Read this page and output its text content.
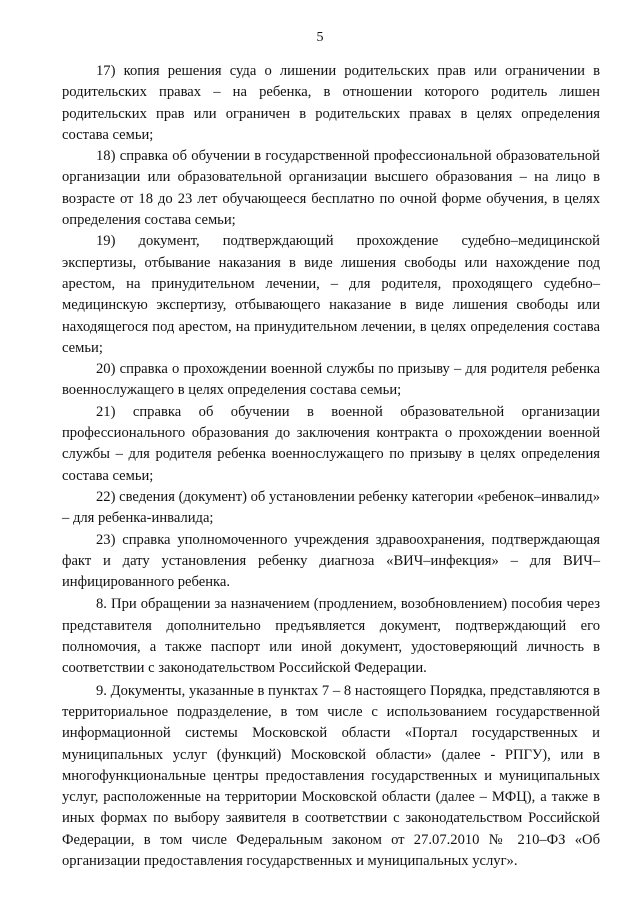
5

17) копия решения суда о лишении родительских прав или ограничении в родительских правах – на ребенка, в отношении которого родитель лишен родительских прав или ограничен в родительских правах в целях определения состава семьи;

18) справка об обучении в государственной профессиональной образовательной организации или образовательной организации высшего образования – на лицо в возрасте от 18 до 23 лет обучающееся бесплатно по очной форме обучения, в целях определения состава семьи;

19) документ, подтверждающий прохождение судебно–медицинской экспертизы, отбывание наказания в виде лишения свободы или нахождение под арестом, на принудительном лечении, – для родителя, проходящего судебно–медицинскую экспертизу, отбывающего наказание в виде лишения свободы или находящегося под арестом, на принудительном лечении, в целях определения состава семьи;

20) справка о прохождении военной службы по призыву – для родителя ребенка военнослужащего в целях определения состава семьи;

21) справка об обучении в военной образовательной организации профессионального образования до заключения контракта о прохождении военной службы – для родителя ребенка военнослужащего по призыву в целях определения состава семьи;

22) сведения (документ) об установлении ребенку категории «ребенок–инвалид» – для ребенка-инвалида;

23) справка уполномоченного учреждения здравоохранения, подтверждающая факт и дату установления ребенку диагноза «ВИЧ–инфекция» – для ВИЧ–инфицированного ребенка.

8. При обращении за назначением (продлением, возобновлением) пособия через представителя дополнительно предъявляется документ, подтверждающий его полномочия, а также паспорт или иной документ, удостоверяющий личность в соответствии с законодательством Российской Федерации.

9. Документы, указанные в пунктах 7 – 8 настоящего Порядка, представляются в территориальное подразделение, в том числе с использованием государственной информационной системы Московской области «Портал государственных и муниципальных услуг (функций) Московской области» (далее - РПГУ), или в многофункциональные центры предоставления государственных и муниципальных услуг, расположенные на территории Московской области (далее – МФЦ), а также в иных формах по выбору заявителя в соответствии с законодательством Российской Федерации, в том числе Федеральным законом от 27.07.2010 № 210–ФЗ «Об организации предоставления государственных и муниципальных услуг».
